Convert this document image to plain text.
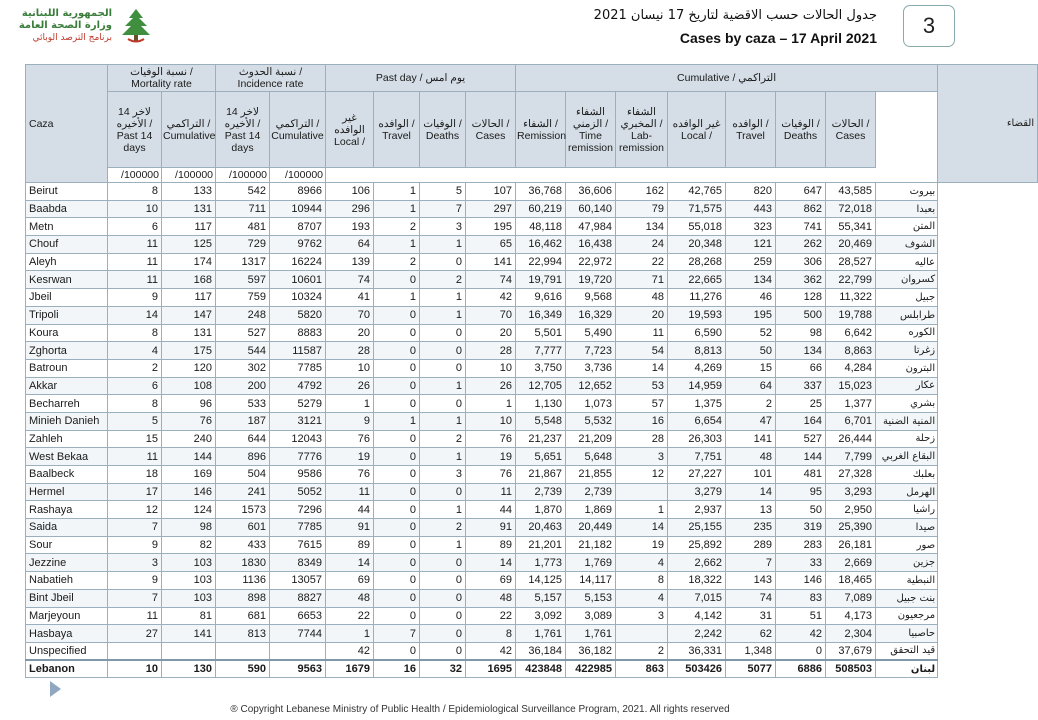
الجمهورية اللبنانية
وزارة الصحة العامة
برنامج الترصد الوبائي
جدول الحالات حسب الاقضية لتاريخ 17 نيسان 2021
Cases by caza – 17 April 2021	3
Caza	نسبة الوفيات / Mortality rate		نسبة الحدوث / Incidence rate		Past day / يوم امس				Cumulative / التراكمي								القضاء
	لاخر 14 الأخيره / Past 14 days	التراكمي / Cumulative	لاخر 14 الأخيره / Past 14 days	التراكمي / Cumulative	غير الوافده Local /	الوافده / Travel	الوفيات / Deaths	الحالات / Cases	الشفاء / Remission	الشفاء الزمني / Time remission	الشفاء المخبري / Lab-remission	غير الوافده Local /	الوافده / Travel	الوفيات / Deaths	الحالات / Cases		
	/100000	/100000	/100000	/100000													
Beirut	8	133	542	8966	106	1	5	107	36,768	36,606	162	42,765	820	647	43,585	بيروت	
Baabda	10	131	711	10944	296	1	7	297	60,219	60,140	79	71,575	443	862	72,018	بعبدا	
Metn	6	117	481	8707	193	2	3	195	48,118	47,984	134	55,018	323	741	55,341	المتن	
Chouf	11	125	729	9762	64	1	1	65	16,462	16,438	24	20,348	121	262	20,469	الشوف	
Aleyh	11	174	1317	16224	139	2	0	141	22,994	22,972	22	28,268	259	306	28,527	عاليه	
Kesrwan	11	168	597	10601	74	0	2	74	19,791	19,720	71	22,665	134	362	22,799	كسروان	
Jbeil	9	117	759	10324	41	1	1	42	9,616	9,568	48	11,276	46	128	11,322	جبيل	
Tripoli	14	147	248	5820	70	0	1	70	16,349	16,329	20	19,593	195	500	19,788	طرابلس	
Koura	8	131	527	8883	20	0	0	20	5,501	5,490	11	6,590	52	98	6,642	الكوره	
Zghorta	4	175	544	11587	28	0	0	28	7,777	7,723	54	8,813	50	134	8,863	زغرتا	
Batroun	2	120	302	7785	10	0	0	10	3,750	3,736	14	4,269	15	66	4,284	البترون	
Akkar	6	108	200	4792	26	0	1	26	12,705	12,652	53	14,959	64	337	15,023	عكار	
Becharreh	8	96	533	5279	1	0	0	1	1,130	1,073	57	1,375	2	25	1,377	بشري	
Minieh Danieh	5	76	187	3121	9	1	1	10	5,548	5,532	16	6,654	47	164	6,701	المنية الضنية	
Zahleh	15	240	644	12043	76	0	2	76	21,237	21,209	28	26,303	141	527	26,444	زحلة	
West Bekaa	11	144	896	7776	19	0	1	19	5,651	5,648	3	7,751	48	144	7,799	البقاع الغربي	
Baalbeck	18	169	504	9586	76	0	3	76	21,867	21,855	12	27,227	101	481	27,328	بعلبك	
Hermel	17	146	241	5052	11	0	0	11	2,739	2,739		3,279	14	95	3,293	الهرمل	
Rashaya	12	124	1573	7296	44	0	1	44	1,870	1,869	1	2,937	13	50	2,950	راشيا	
Saida	7	98	601	7785	91	0	2	91	20,463	20,449	14	25,155	235	319	25,390	صيدا	
Sour	9	82	433	7615	89	0	1	89	21,201	21,182	19	25,892	289	283	26,181	صور	
Jezzine	3	103	1830	8349	14	0	0	14	1,773	1,769	4	2,662	7	33	2,669	جزين	
Nabatieh	9	103	1136	13057	69	0	0	69	14,125	14,117	8	18,322	143	146	18,465	النبطية	
Bint Jbeil	7	103	898	8827	48	0	0	48	5,157	5,153	4	7,015	74	83	7,089	بنت جبيل	
Marjeyoun	11	81	681	6653	22	0	0	22	3,092	3,089	3	4,142	31	51	4,173	مرجعيون	
Hasbaya	27	141	813	7744	1	7	0	8	1,761	1,761		2,242	62	42	2,304	حاصبيا	
Unspecified					42	0	0	42	36,184	36,182	2	36,331	1,348	0	37,679	قيد التحقق	
Lebanon	10	130	590	9563	1679	16	32	1695	423848	422985	863	503426	5077	6886	508503	لبنان	
® Copyright Lebanese Ministry of Public Health / Epidemiological Surveillance Program, 2021. All rights reserved
